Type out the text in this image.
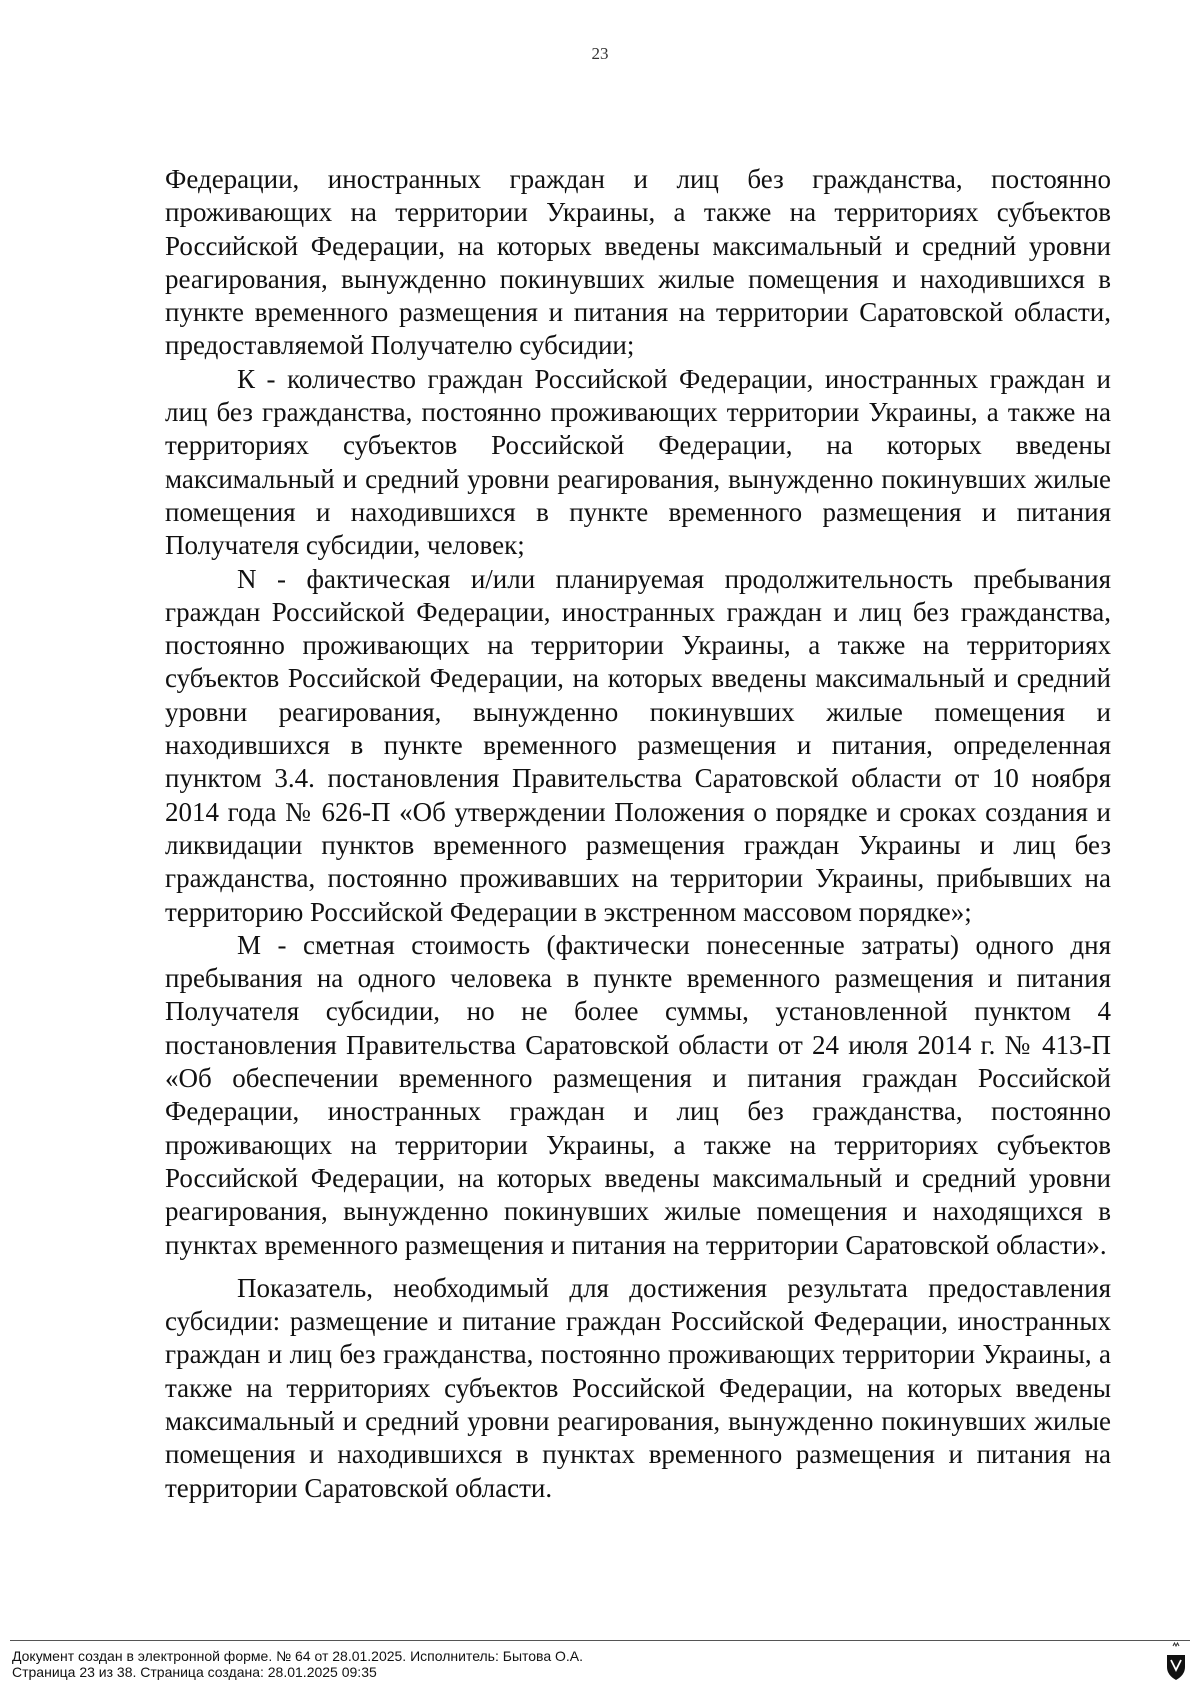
23

Федерации, иностранных граждан и лиц без гражданства, постоянно проживающих на территории Украины, а также на территориях субъектов Российской Федерации, на которых введены максимальный и средний уровни реагирования, вынужденно покинувших жилые помещения и находившихся в пункте временного размещения и питания на территории Саратовской области, предоставляемой Получателю субсидии;

К - количество граждан Российской Федерации, иностранных граждан и лиц без гражданства, постоянно проживающих территории Украины, а также на территориях субъектов Российской Федерации, на которых введены максимальный и средний уровни реагирования, вынужденно покинувших жилые помещения и находившихся в пункте временного размещения и питания Получателя субсидии, человек;

N - фактическая и/или планируемая продолжительность пребывания граждан Российской Федерации, иностранных граждан и лиц без гражданства, постоянно проживающих на территории Украины, а также на территориях субъектов Российской Федерации, на которых введены максимальный и средний уровни реагирования, вынужденно покинувших жилые помещения и находившихся в пункте временного размещения и питания, определенная пунктом 3.4. постановления Правительства Саратовской области от 10 ноября 2014 года № 626-П «Об утверждении Положения о порядке и сроках создания и ликвидации пунктов временного размещения граждан Украины и лиц без гражданства, постоянно проживавших на территории Украины, прибывших на территорию Российской Федерации в экстренном массовом порядке»;

М - сметная стоимость (фактически понесенные затраты) одного дня пребывания на одного человека в пункте временного размещения и питания Получателя субсидии, но не более суммы, установленной пунктом 4 постановления Правительства Саратовской области от 24 июля 2014 г. № 413-П «Об обеспечении временного размещения и питания граждан Российской Федерации, иностранных граждан и лиц без гражданства, постоянно проживающих на территории Украины, а также на территориях субъектов Российской Федерации, на которых введены максимальный и средний уровни реагирования, вынужденно покинувших жилые помещения и находящихся в пунктах временного размещения и питания на территории Саратовской области».

Показатель, необходимый для достижения результата предоставления субсидии: размещение и питание граждан Российской Федерации, иностранных граждан и лиц без гражданства, постоянно проживающих территории Украины, а также на территориях субъектов Российской Федерации, на которых введены максимальный и средний уровни реагирования, вынужденно покинувших жилые помещения и находившихся в пунктах временного размещения и питания на территории Саратовской области.

Документ создан в электронной форме. № 64 от 28.01.2025. Исполнитель: Бытова О.А.
Страница 23 из 38. Страница создана: 28.01.2025 09:35
